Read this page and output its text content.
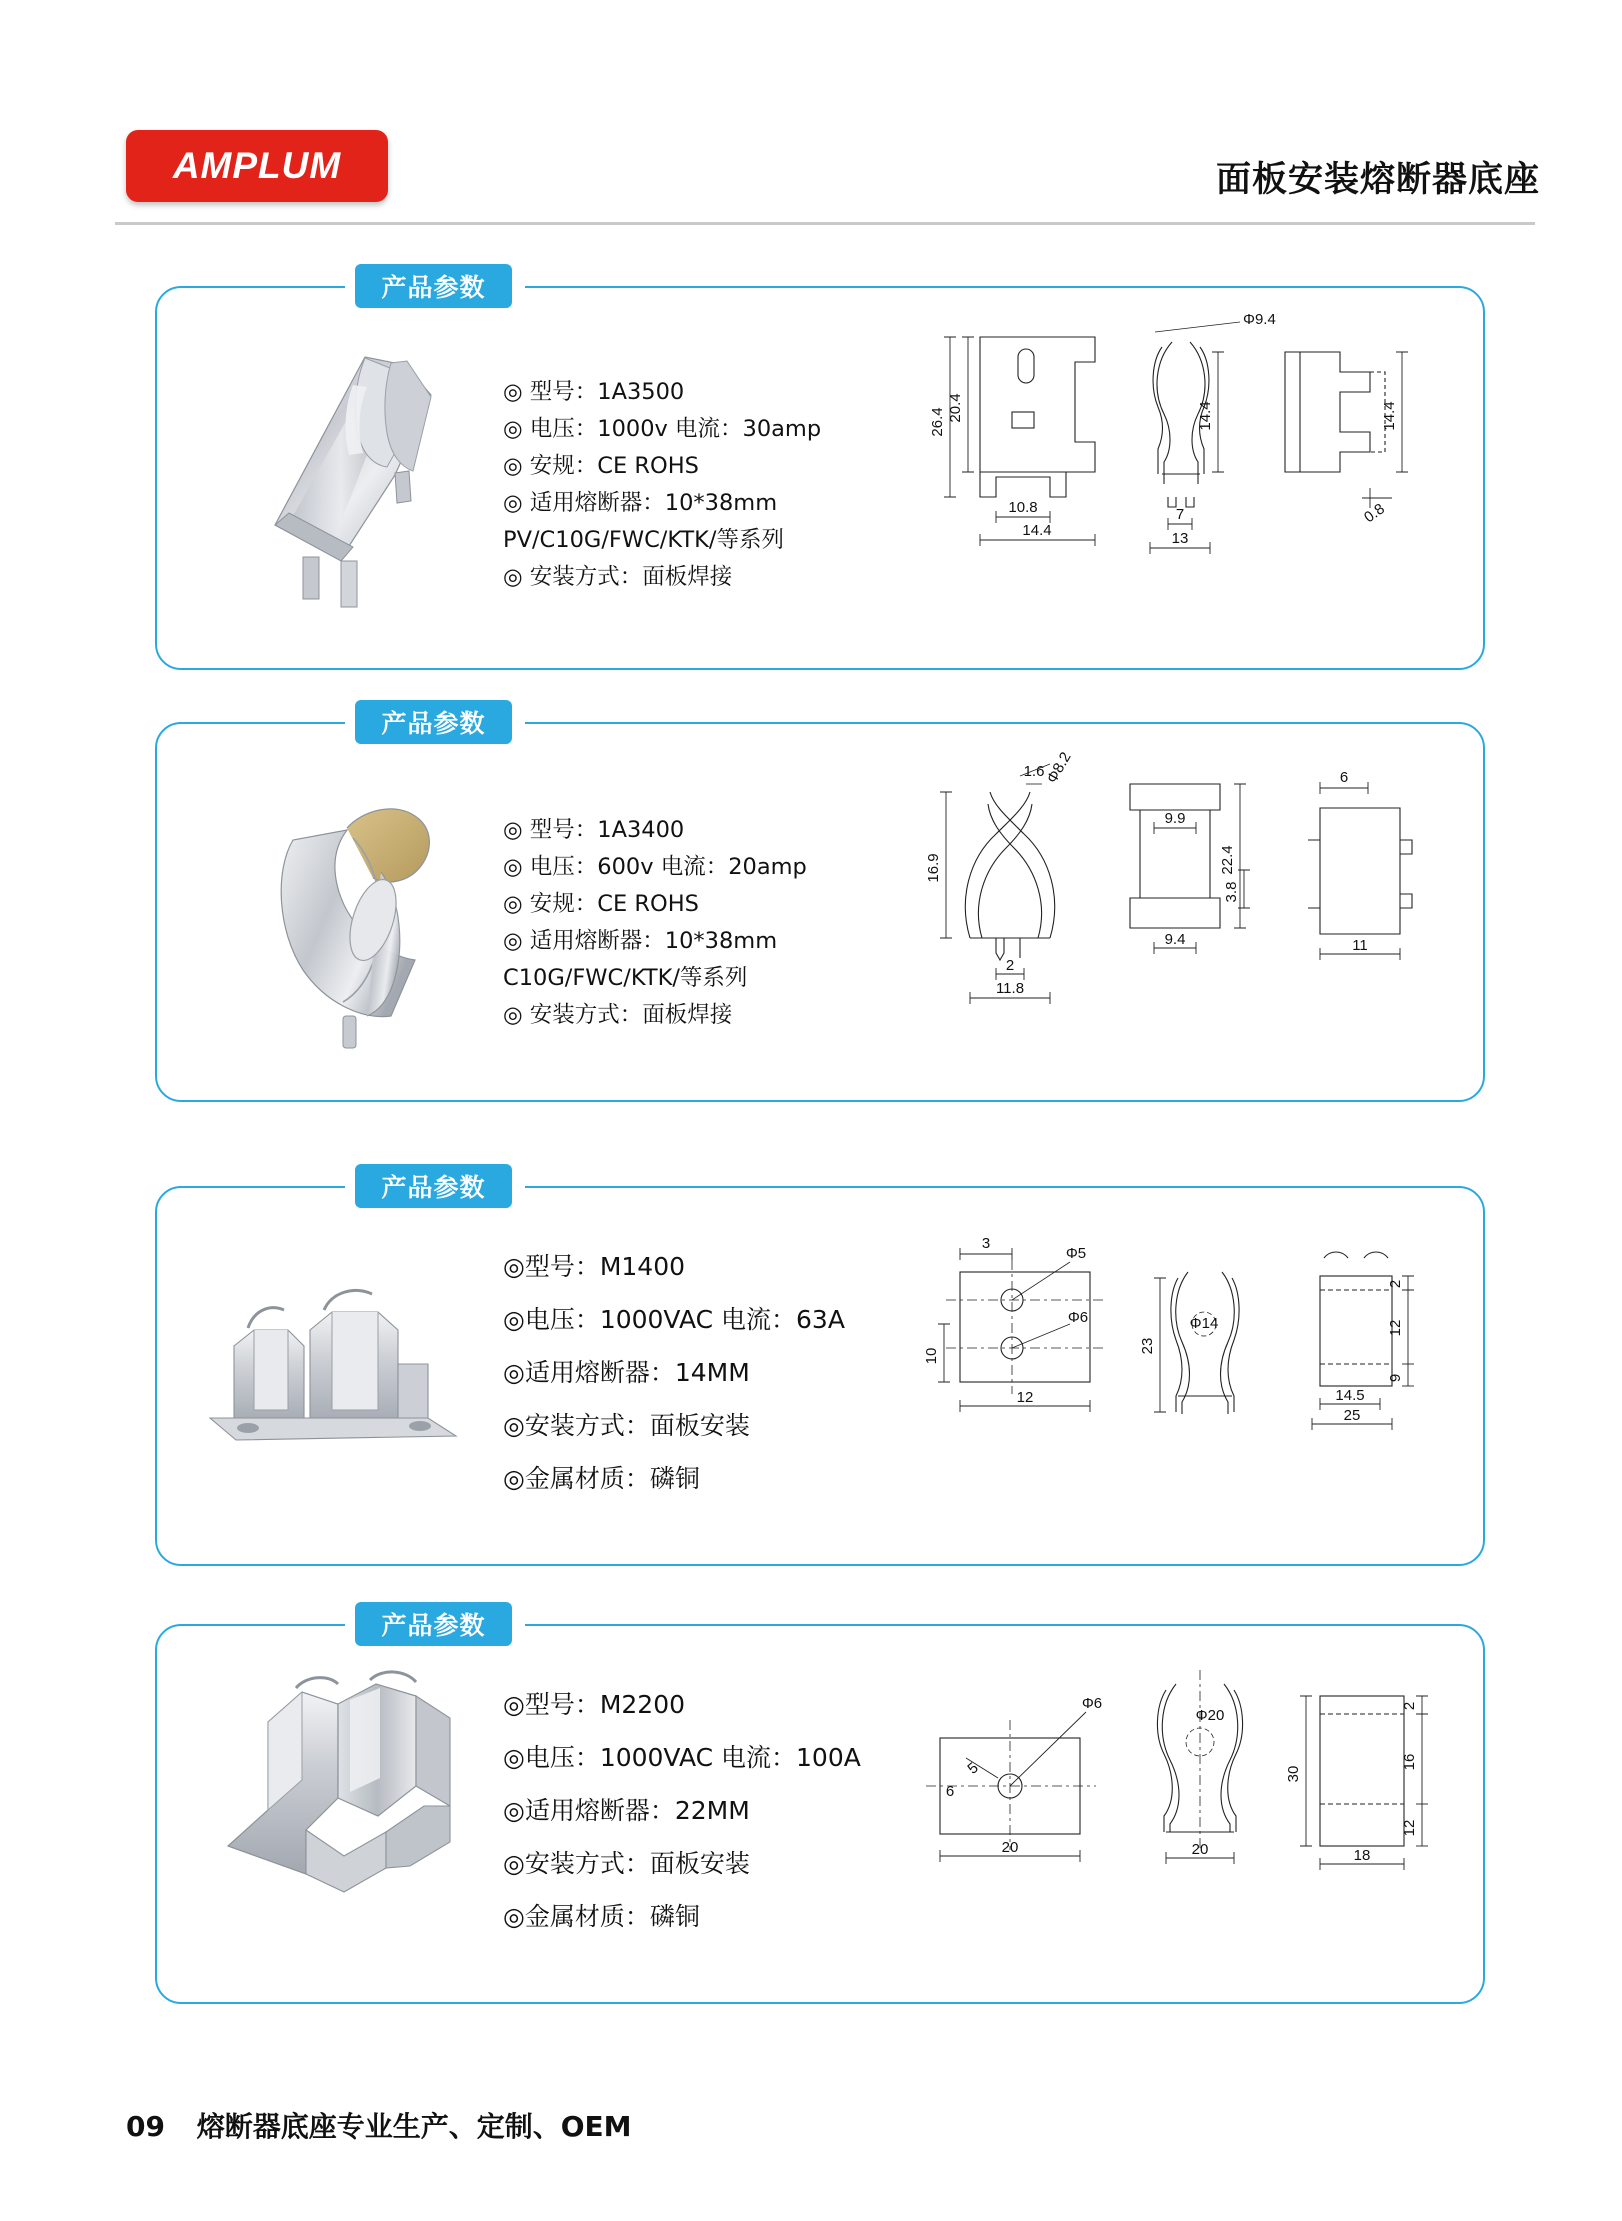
AMPLUM	面板安装熔断器底座
产品参数
◎ 型号：1A3500
◎ 电压：1000v 电流：30amp
◎ 安规：CE ROHS
◎ 适用熔断器：10*38mm
PV/C10G/FWC/KTK/等系列
◎ 安装方式：面板焊接
26.4 20.4
10.8
14.4
Φ9.4
14.4
7
13
14.4
0.8
产品参数
◎ 型号：1A3400
◎ 电压：600v 电流：20amp
◎ 安规：CE ROHS
◎ 适用熔断器：10*38mm
C10G/FWC/KTK/等系列
◎ 安装方式：面板焊接
1.6 Φ8.2
16.9
2
11.8
22.4
9.9
9.4
3.8
6
11
产品参数
◎型号：M1400
◎电压：1000VAC 电流：63A
◎适用熔断器：14MM
◎安装方式：面板安装
◎金属材质：磷铜
3
Φ5
Φ6
10
12
23
Φ14
2
12
9
14.5
25
产品参数
◎型号：M2200
◎电压：1000VAC 电流：100A
◎适用熔断器：22MM
◎安装方式：面板安装
◎金属材质：磷铜
Φ6
5
6
20
Φ20
20
30
2
16
12
18
09 熔断器底座专业生产、定制、OEM
